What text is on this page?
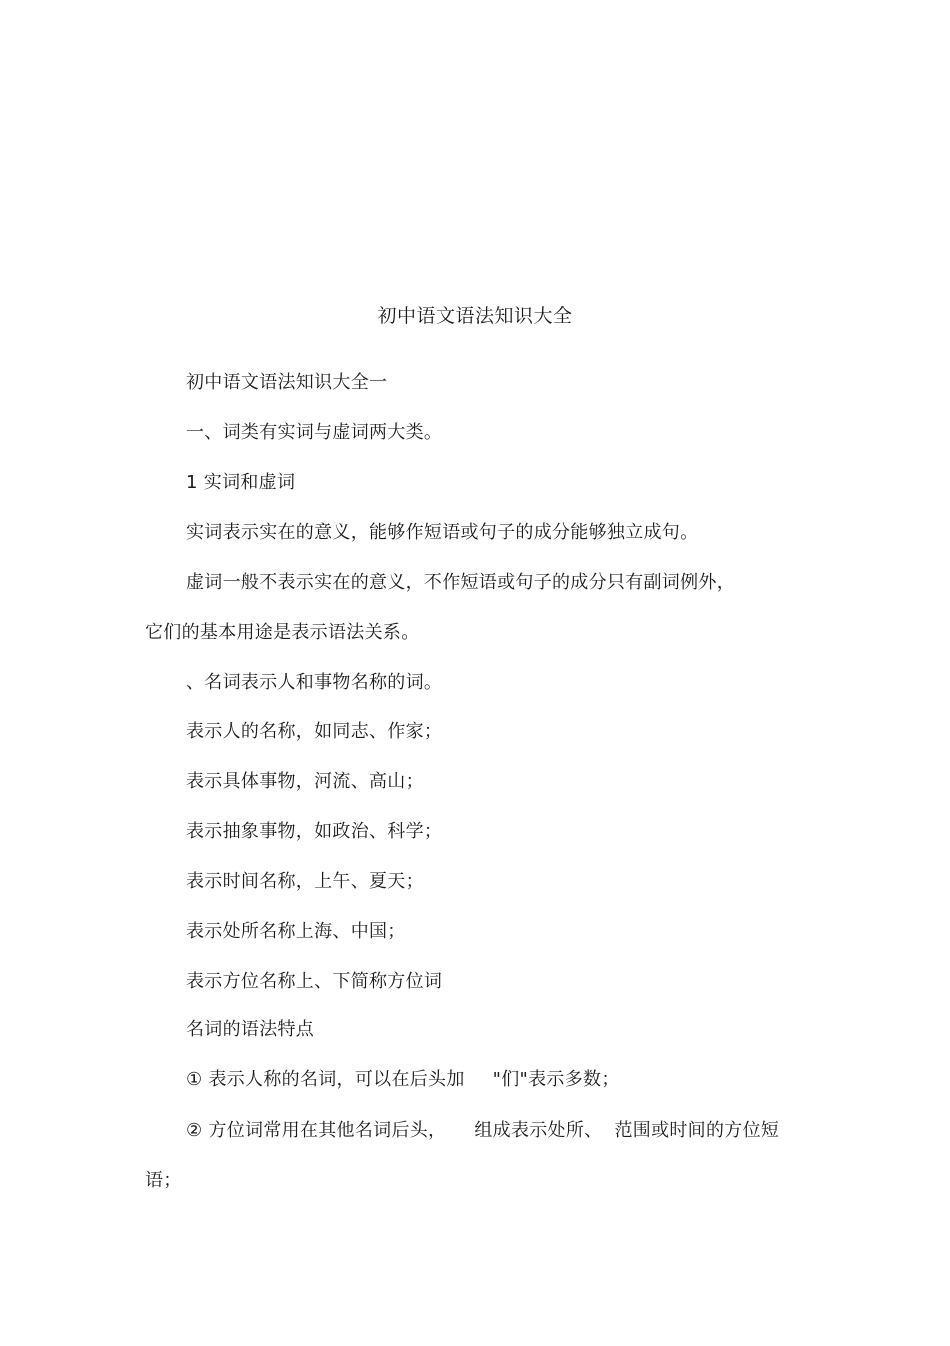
初中语文语法知识大全
初中语文语法知识大全一
一、词类有实词与虚词两大类。
1 实词和虚词
实词表示实在的意义，能够作短语或句子的成分能够独立成句。
虚词一般不表示实在的意义，不作短语或句子的成分只有副词例外，
它们的基本用途是表示语法关系。
、名词表示人和事物名称的词。
表示人的名称，如同志、作家；
表示具体事物，河流、高山；
表示抽象事物，如政治、科学；
表示时间名称，上午、夏天；
表示处所名称上海、中国；
表示方位名称上、下简称方位词
名词的语法特点
① 表示人称的名词，可以在后头加 "们"表示多数；
② 方位词常用在其他名词后头， 组成表示处所、 范围或时间的方位短
语；
